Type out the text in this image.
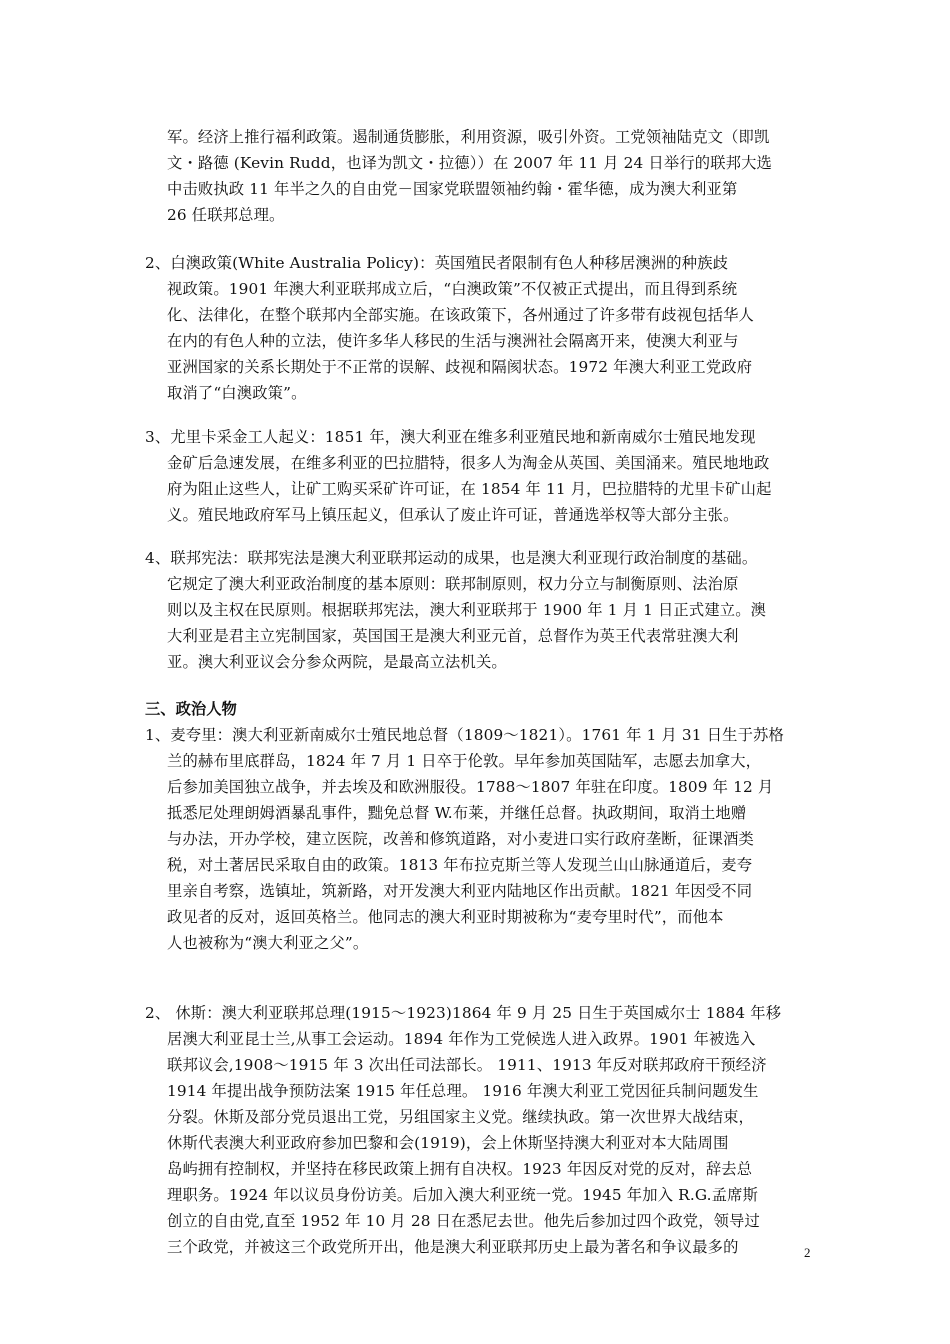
军。经济上推行福利政策。遏制通货膨胀，利用资源，吸引外资。工党领袖陆克文（即凯
文・路德 (Kevin Rudd，也译为凯文・拉德））在 2007 年 11 月 24 日举行的联邦大选
中击败执政 11 年半之久的自由党－国家党联盟领袖约翰・霍华德，成为澳大利亚第
26 任联邦总理。
2、白澳政策(White Australia Policy)：英国殖民者限制有色人种移居澳洲的种族歧
视政策。1901 年澳大利亚联邦成立后，“白澳政策”不仅被正式提出，而且得到系统
化、法律化，在整个联邦内全部实施。在该政策下，各州通过了许多带有歧视包括华人
在内的有色人种的立法，使许多华人移民的生活与澳洲社会隔离开来，使澳大利亚与
亚洲国家的关系长期处于不正常的误解、歧视和隔阂状态。1972 年澳大利亚工党政府
取消了“白澳政策”。
3、尤里卡采金工人起义：1851 年，澳大利亚在维多利亚殖民地和新南威尔士殖民地发现
金矿后急速发展，在维多利亚的巴拉腊特，很多人为淘金从英国、美国涌来。殖民地地政
府为阻止这些人，让矿工购买采矿许可证，在 1854 年 11 月，巴拉腊特的尤里卡矿山起
义。殖民地政府军马上镇压起义，但承认了废止许可证，普通选举权等大部分主张。
4、联邦宪法：联邦宪法是澳大利亚联邦运动的成果，也是澳大利亚现行政治制度的基础。
它规定了澳大利亚政治制度的基本原则：联邦制原则，权力分立与制衡原则、法治原
则以及主权在民原则。根据联邦宪法，澳大利亚联邦于 1900 年 1 月 1 日正式建立。澳
大利亚是君主立宪制国家，英国国王是澳大利亚元首，总督作为英王代表常驻澳大利
亚。澳大利亚议会分参众两院，是最高立法机关。
三、政治人物
1、麦夸里：澳大利亚新南威尔士殖民地总督（1809～1821）。1761 年 1 月 31 日生于苏格
兰的赫布里底群岛，1824 年 7 月 1 日卒于伦敦。早年参加英国陆军，志愿去加拿大，
后参加美国独立战争，并去埃及和欧洲服役。1788～1807 年驻在印度。1809 年 12 月
抵悉尼处理朗姆酒暴乱事件，黜免总督 W.布莱，并继任总督。执政期间，取消土地赠
与办法，开办学校，建立医院，改善和修筑道路，对小麦进口实行政府垄断，征课酒类
税，对土著居民采取自由的政策。1813 年布拉克斯兰等人发现兰山山脉通道后，麦夸
里亲自考察，选镇址，筑新路，对开发澳大利亚内陆地区作出贡献。1821 年因受不同
政见者的反对，返回英格兰。他同志的澳大利亚时期被称为“麦夸里时代”，而他本
人也被称为“澳大利亚之父”。
2、 休斯：澳大利亚联邦总理(1915～1923)1864 年 9 月 25 日生于英国威尔士 1884 年移
居澳大利亚昆士兰,从事工会运动。1894 年作为工党候选人进入政界。1901 年被选入
联邦议会,1908～1915 年 3 次出任司法部长。 1911、1913 年反对联邦政府干预经济
1914 年提出战争预防法案 1915 年任总理。 1916 年澳大利亚工党因征兵制问题发生
分裂。休斯及部分党员退出工党，另组国家主义党。继续执政。第一次世界大战结束，
休斯代表澳大利亚政府参加巴黎和会(1919)，会上休斯坚持澳大利亚对本大陆周围
岛屿拥有控制权，并坚持在移民政策上拥有自决权。1923 年因反对党的反对，辞去总
理职务。1924 年以议员身份访美。后加入澳大利亚统一党。1945 年加入 R.G.孟席斯
创立的自由党,直至 1952 年 10 月 28 日在悉尼去世。他先后参加过四个政党，领导过
三个政党，并被这三个政党所开出，他是澳大利亚联邦历史上最为著名和争议最多的	2
